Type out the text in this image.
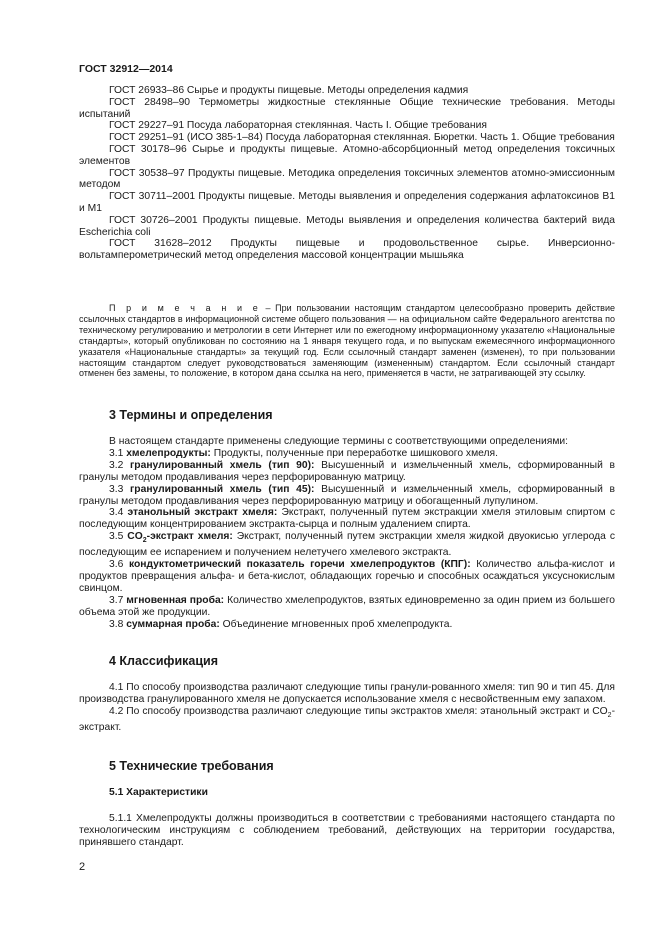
ГОСТ 32912—2014

ГОСТ 26933–86 Сырье и продукты пищевые. Методы определения кадмия

ГОСТ 28498–90 Термометры жидкостные стеклянные Общие технические требования. Методы испытаний

ГОСТ 29227–91 Посуда лабораторная стеклянная. Часть I. Общие требования

ГОСТ 29251–91 (ИСО 385-1–84) Посуда лабораторная стеклянная. Бюретки. Часть 1. Общие требования

ГОСТ 30178–96 Сырье и продукты пищевые. Атомно-абсорбционный метод определения токсичных элементов

ГОСТ 30538–97 Продукты пищевые. Методика определения токсичных элементов атомно-эмиссионным методом

ГОСТ 30711–2001 Продукты пищевые. Методы выявления и определения содержания афлатоксинов В1 и М1

ГОСТ 30726–2001 Продукты пищевые. Методы выявления и определения количества бактерий вида Escherichia coli

ГОСТ 31628–2012 Продукты пищевые и продовольственное сырье. Инверсионно-вольтамперометрический метод определения массовой концентрации мышьяка

П р и м е ч а н и е – При пользовании настоящим стандартом целесообразно проверить действие ссылочных стандартов в информационной системе общего пользования — на официальном сайте Федерального агентства по техническому регулированию и метрологии в сети Интернет или по ежегодному информационному указателю «Национальные стандарты», который опубликован по состоянию на 1 января текущего года, и по выпускам ежемесячного информационного указателя «Национальные стандарты» за текущий год. Если ссылочный стандарт заменен (изменен), то при пользовании настоящим стандартом следует руководствоваться заменяющим (измененным) стандартом. Если ссылочный стандарт отменен без замены, то положение, в котором дана ссылка на него, применяется в части, не затрагивающей эту ссылку.
3 Термины и определения

В настоящем стандарте применены следующие термины с соответствующими определениями:

3.1 хмелепродукты: Продукты, полученные при переработке шишкового хмеля.

3.2 гранулированный хмель (тип 90): Высушенный и измельченный хмель, сформированный в гранулы методом продавливания через перфорированную матрицу.

3.3 гранулированный хмель (тип 45): Высушенный и измельченный хмель, сформированный в гранулы методом продавливания через перфорированную матрицу и обогащенный лупулином.

3.4 этанольный экстракт хмеля: Экстракт, полученный путем экстракции хмеля этиловым спиртом с последующим концентрированием экстракта-сырца и полным удалением спирта.

3.5 $CO_2$-экстракт хмеля: Экстракт, полученный путем экстракции хмеля жидкой двуокисью углерода с последующим ее испарением и получением нелетучего хмелевого экстракта.

3.6 кондуктометрический показатель горечи хмелепродуктов (КПГ): Количество альфа-кислот и продуктов превращения альфа- и бета-кислот, обладающих горечью и способных осаждаться уксуснокислым свинцом.

3.7 мгновенная проба: Количество хмелепродуктов, взятых единовременно за один прием из большего объема этой же продукции.

3.8 суммарная проба: Объединение мгновенных проб хмелепродукта.

4 Классификация

4.1 По способу производства различают следующие типы гранули-рованного хмеля: тип 90 и тип 45. Для производства гранулированного хмеля не допускается использование хмеля с несвойственным ему запахом.

4.2 По способу производства различают следующие типы экстрактов хмеля: этанольный экстракт и $CO_2$-экстракт.

5 Технические требования
5.1 Характеристики

5.1.1 Хмелепродукты должны производиться в соответствии с требованиями настоящего стандарта по технологическим инструкциям с соблюдением требований, действующих на территории государства, принявшего стандарт.

2
